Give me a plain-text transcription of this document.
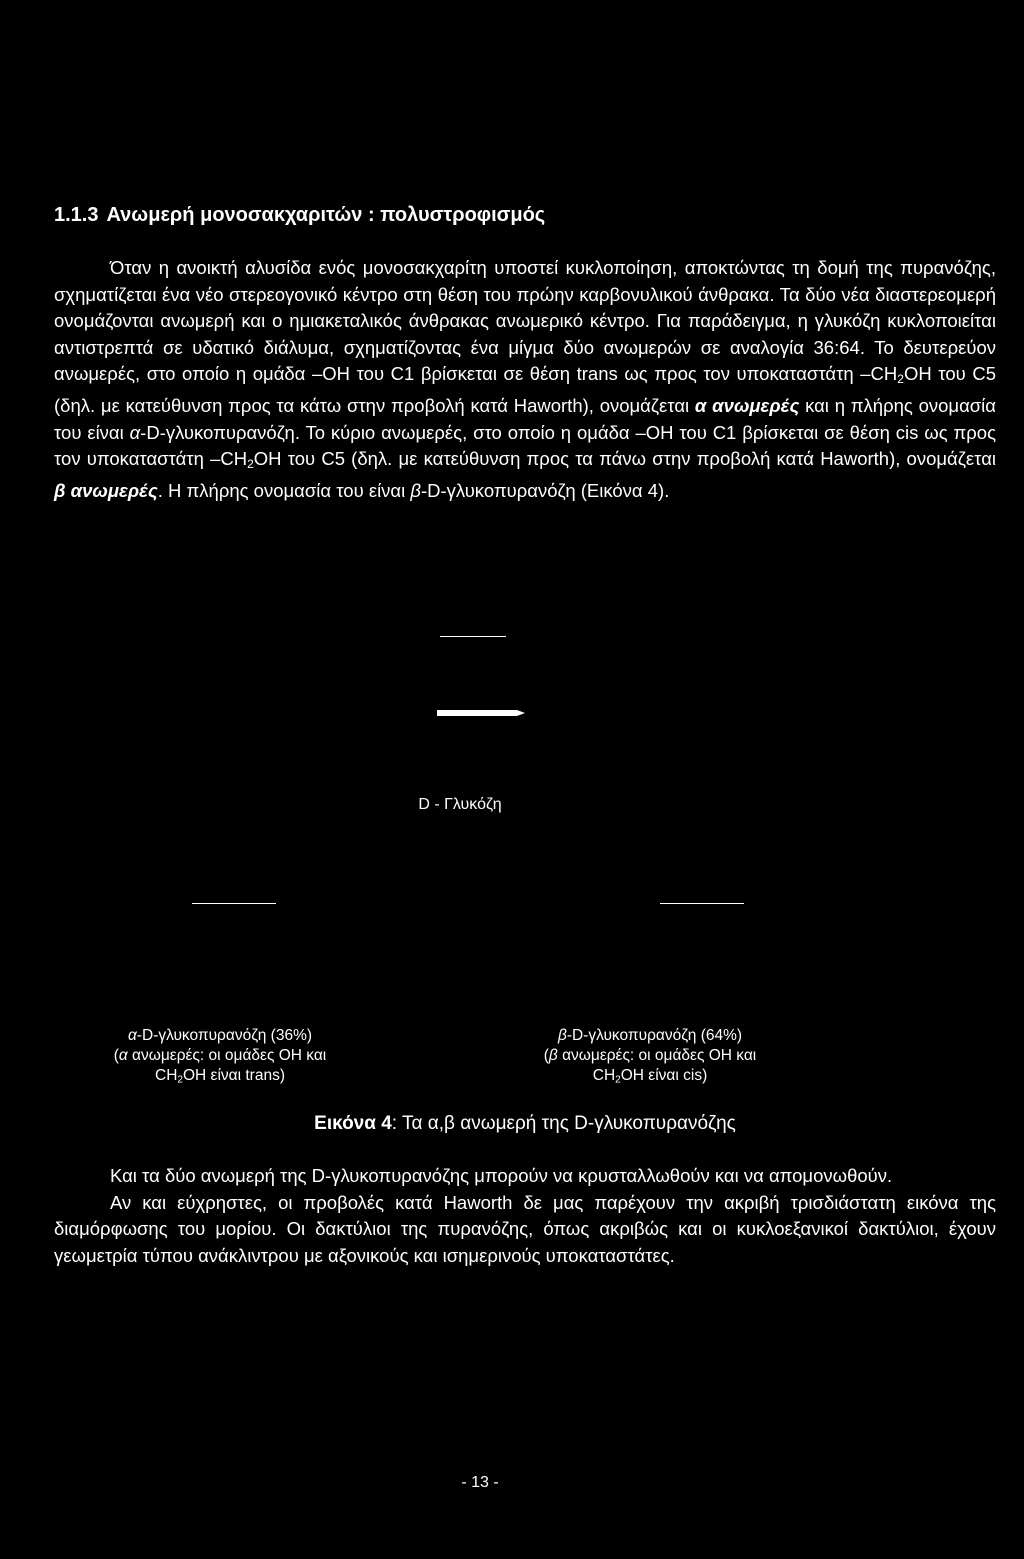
1.1.3 Ανωμερή μονοσακχαριτών : πολυστροφισμός
Όταν η ανοικτή αλυσίδα ενός μονοσακχαρίτη υποστεί κυκλοποίηση, αποκτώντας τη δομή της πυρανόζης, σχηματίζεται ένα νέο στερεογονικό κέντρο στη θέση του πρώην καρβονυλικού άνθρακα. Τα δύο νέα διαστερεομερή ονομάζονται ανωμερή και ο ημιακεταλικός άνθρακας ανωμερικό κέντρο. Για παράδειγμα, η γλυκόζη κυκλοποιείται αντιστρεπτά σε υδατικό διάλυμα, σχηματίζοντας ένα μίγμα δύο ανωμερών σε αναλογία 36:64. Το δευτερεύον ανωμερές, στο οποίο η ομάδα –OH του C1 βρίσκεται σε θέση trans ως προς τον υποκαταστάτη $-CH_2OH$ του C5 (δηλ. με κατεύθυνση προς τα κάτω στην προβολή κατά Haworth), ονομάζεται α ανωμερές και η πλήρης ονομασία του είναι α-D-γλυκοπυρανόζη. Το κύριο ανωμερές, στο οποίο η ομάδα –OH του C1 βρίσκεται σε θέση cis ως προς τον υποκαταστάτη $-CH_2OH$ του C5 (δηλ. με κατεύθυνση προς τα πάνω στην προβολή κατά Haworth), ονομάζεται β ανωμερές. Η πλήρης ονομασία του είναι β-D-γλυκοπυρανόζη (Εικόνα 4).
D - Γλυκόζη
α-D-γλυκοπυρανόζη (36%)
(α ανωμερές: οι ομάδες OH και
$CH_2OH$ είναι trans)
β-D-γλυκοπυρανόζη (64%)
(β ανωμερές: οι ομάδες OH και
$CH_2OH$ είναι cis)
Εικόνα 4: Τα α,β ανωμερή της D-γλυκοπυρανόζης
Και τα δύο ανωμερή της D-γλυκοπυρανόζης μπορούν να κρυσταλλωθούν και να απομονωθούν.
Αν και εύχρηστες, οι προβολές κατά Haworth δε μας παρέχουν την ακριβή τρισδιάστατη εικόνα της διαμόρφωσης του μορίου. Οι δακτύλιοι της πυρανόζης, όπως ακριβώς και οι κυκλοεξανικοί δακτύλιοι, έχουν γεωμετρία τύπου ανάκλιντρου με αξονικούς και ισημερινούς υποκαταστάτες.
- 13 -
